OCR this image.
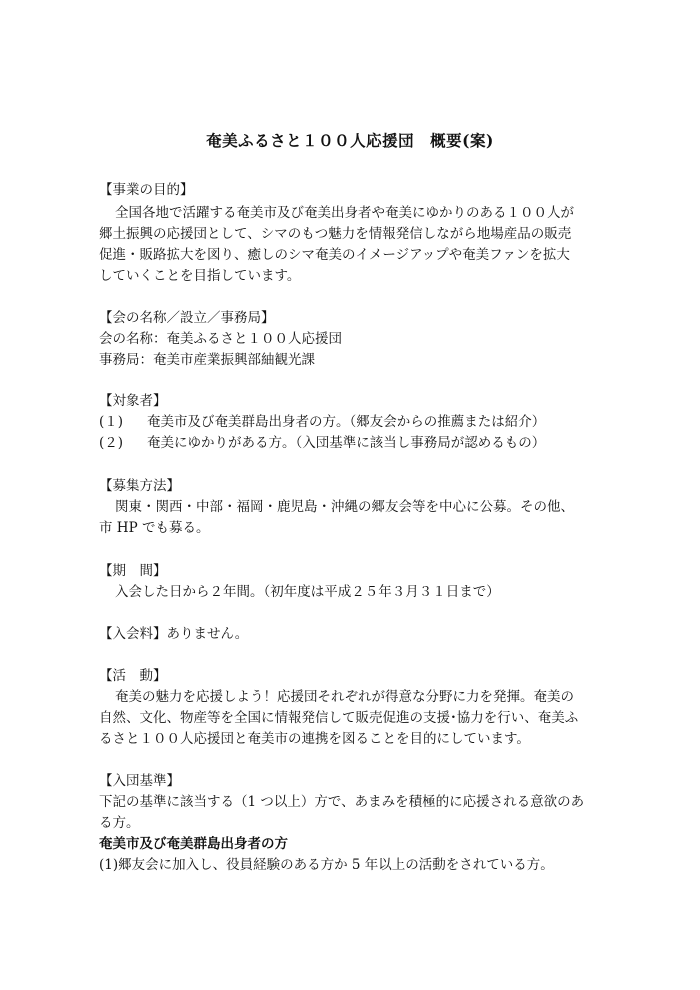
奄美ふるさと１００人応援団　概要(案)
【事業の目的】
全国各地で活躍する奄美市及び奄美出身者や奄美にゆかりのある１００人が
郷土振興の応援団として、シマのもつ魅力を情報発信しながら地場産品の販売
促進・販路拡大を図り、癒しのシマ奄美のイメージアップや奄美ファンを拡大
していくことを目指しています。
【会の名称／設立／事務局】
会の名称：奄美ふるさと１００人応援団
事務局：奄美市産業振興部紬観光課
【対象者】
(１) 奄美市及び奄美群島出身者の方。（郷友会からの推薦または紹介）
(２) 奄美にゆかりがある方。（入団基準に該当し事務局が認めるもの）
【募集方法】
関東・関西・中部・福岡・鹿児島・沖縄の郷友会等を中心に公募。その他、
市 HP でも募る。
【期　間】
入会した日から２年間。（初年度は平成２５年３月３１日まで）
【入会料】ありません。
【活　動】
奄美の魅力を応援しよう！応援団それぞれが得意な分野に力を発揮。奄美の
自然、文化、物産等を全国に情報発信して販売促進の支援･協力を行い、奄美ふ
るさと１００人応援団と奄美市の連携を図ることを目的にしています。
【入団基準】
下記の基準に該当する（1 つ以上）方で、あまみを積極的に応援される意欲のあ
る方。
奄美市及び奄美群島出身者の方
(1)郷友会に加入し、役員経験のある方か 5 年以上の活動をされている方。
